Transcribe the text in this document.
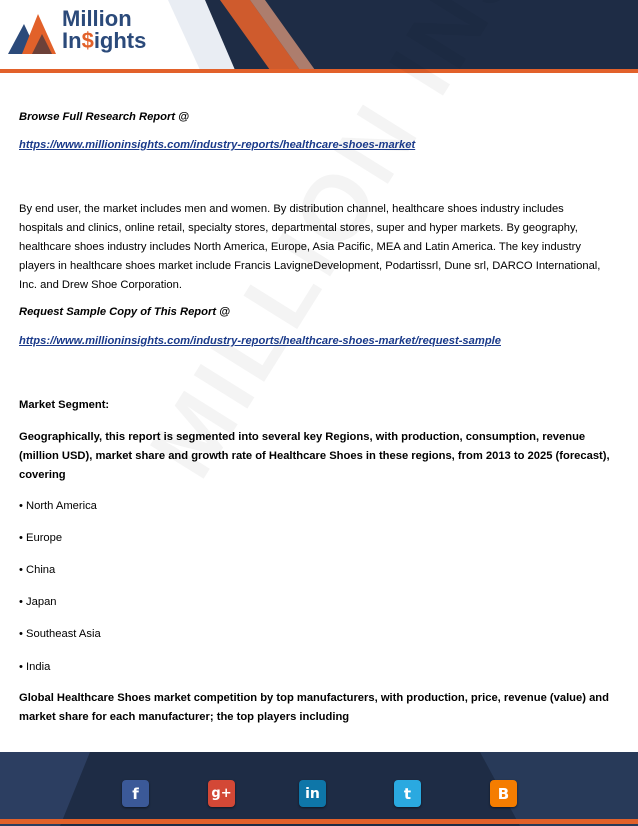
Million
In$ights

Browse Full Research Report @

https://www.millioninsights.com/industry-reports/healthcare-shoes-market

By end user, the market includes men and women. By distribution channel, healthcare shoes industry includes
hospitals and clinics, online retail, specialty stores, departmental stores, super and hyper markets. By geography,
healthcare shoes industry includes North America, Europe, Asia Pacific, MEA and Latin America. The key industry
players in healthcare shoes market include Francis LavigneDevelopment, Podartissrl, Dune srl, DARCO International,
Inc. and Drew Shoe Corporation.

Request Sample Copy of This Report @

https://www.millioninsights.com/industry-reports/healthcare-shoes-market/request-sample

Market Segment:

Geographically, this report is segmented into several key Regions, with production, consumption, revenue
(million USD), market share and growth rate of Healthcare Shoes in these regions, from 2013 to 2025 (forecast),
covering

• North America

• Europe

• China

• Japan

• Southeast Asia

• India

Global Healthcare Shoes market competition by top manufacturers, with production, price, revenue (value) and
market share for each manufacturer; the top players including
f	g+	in	t	B
